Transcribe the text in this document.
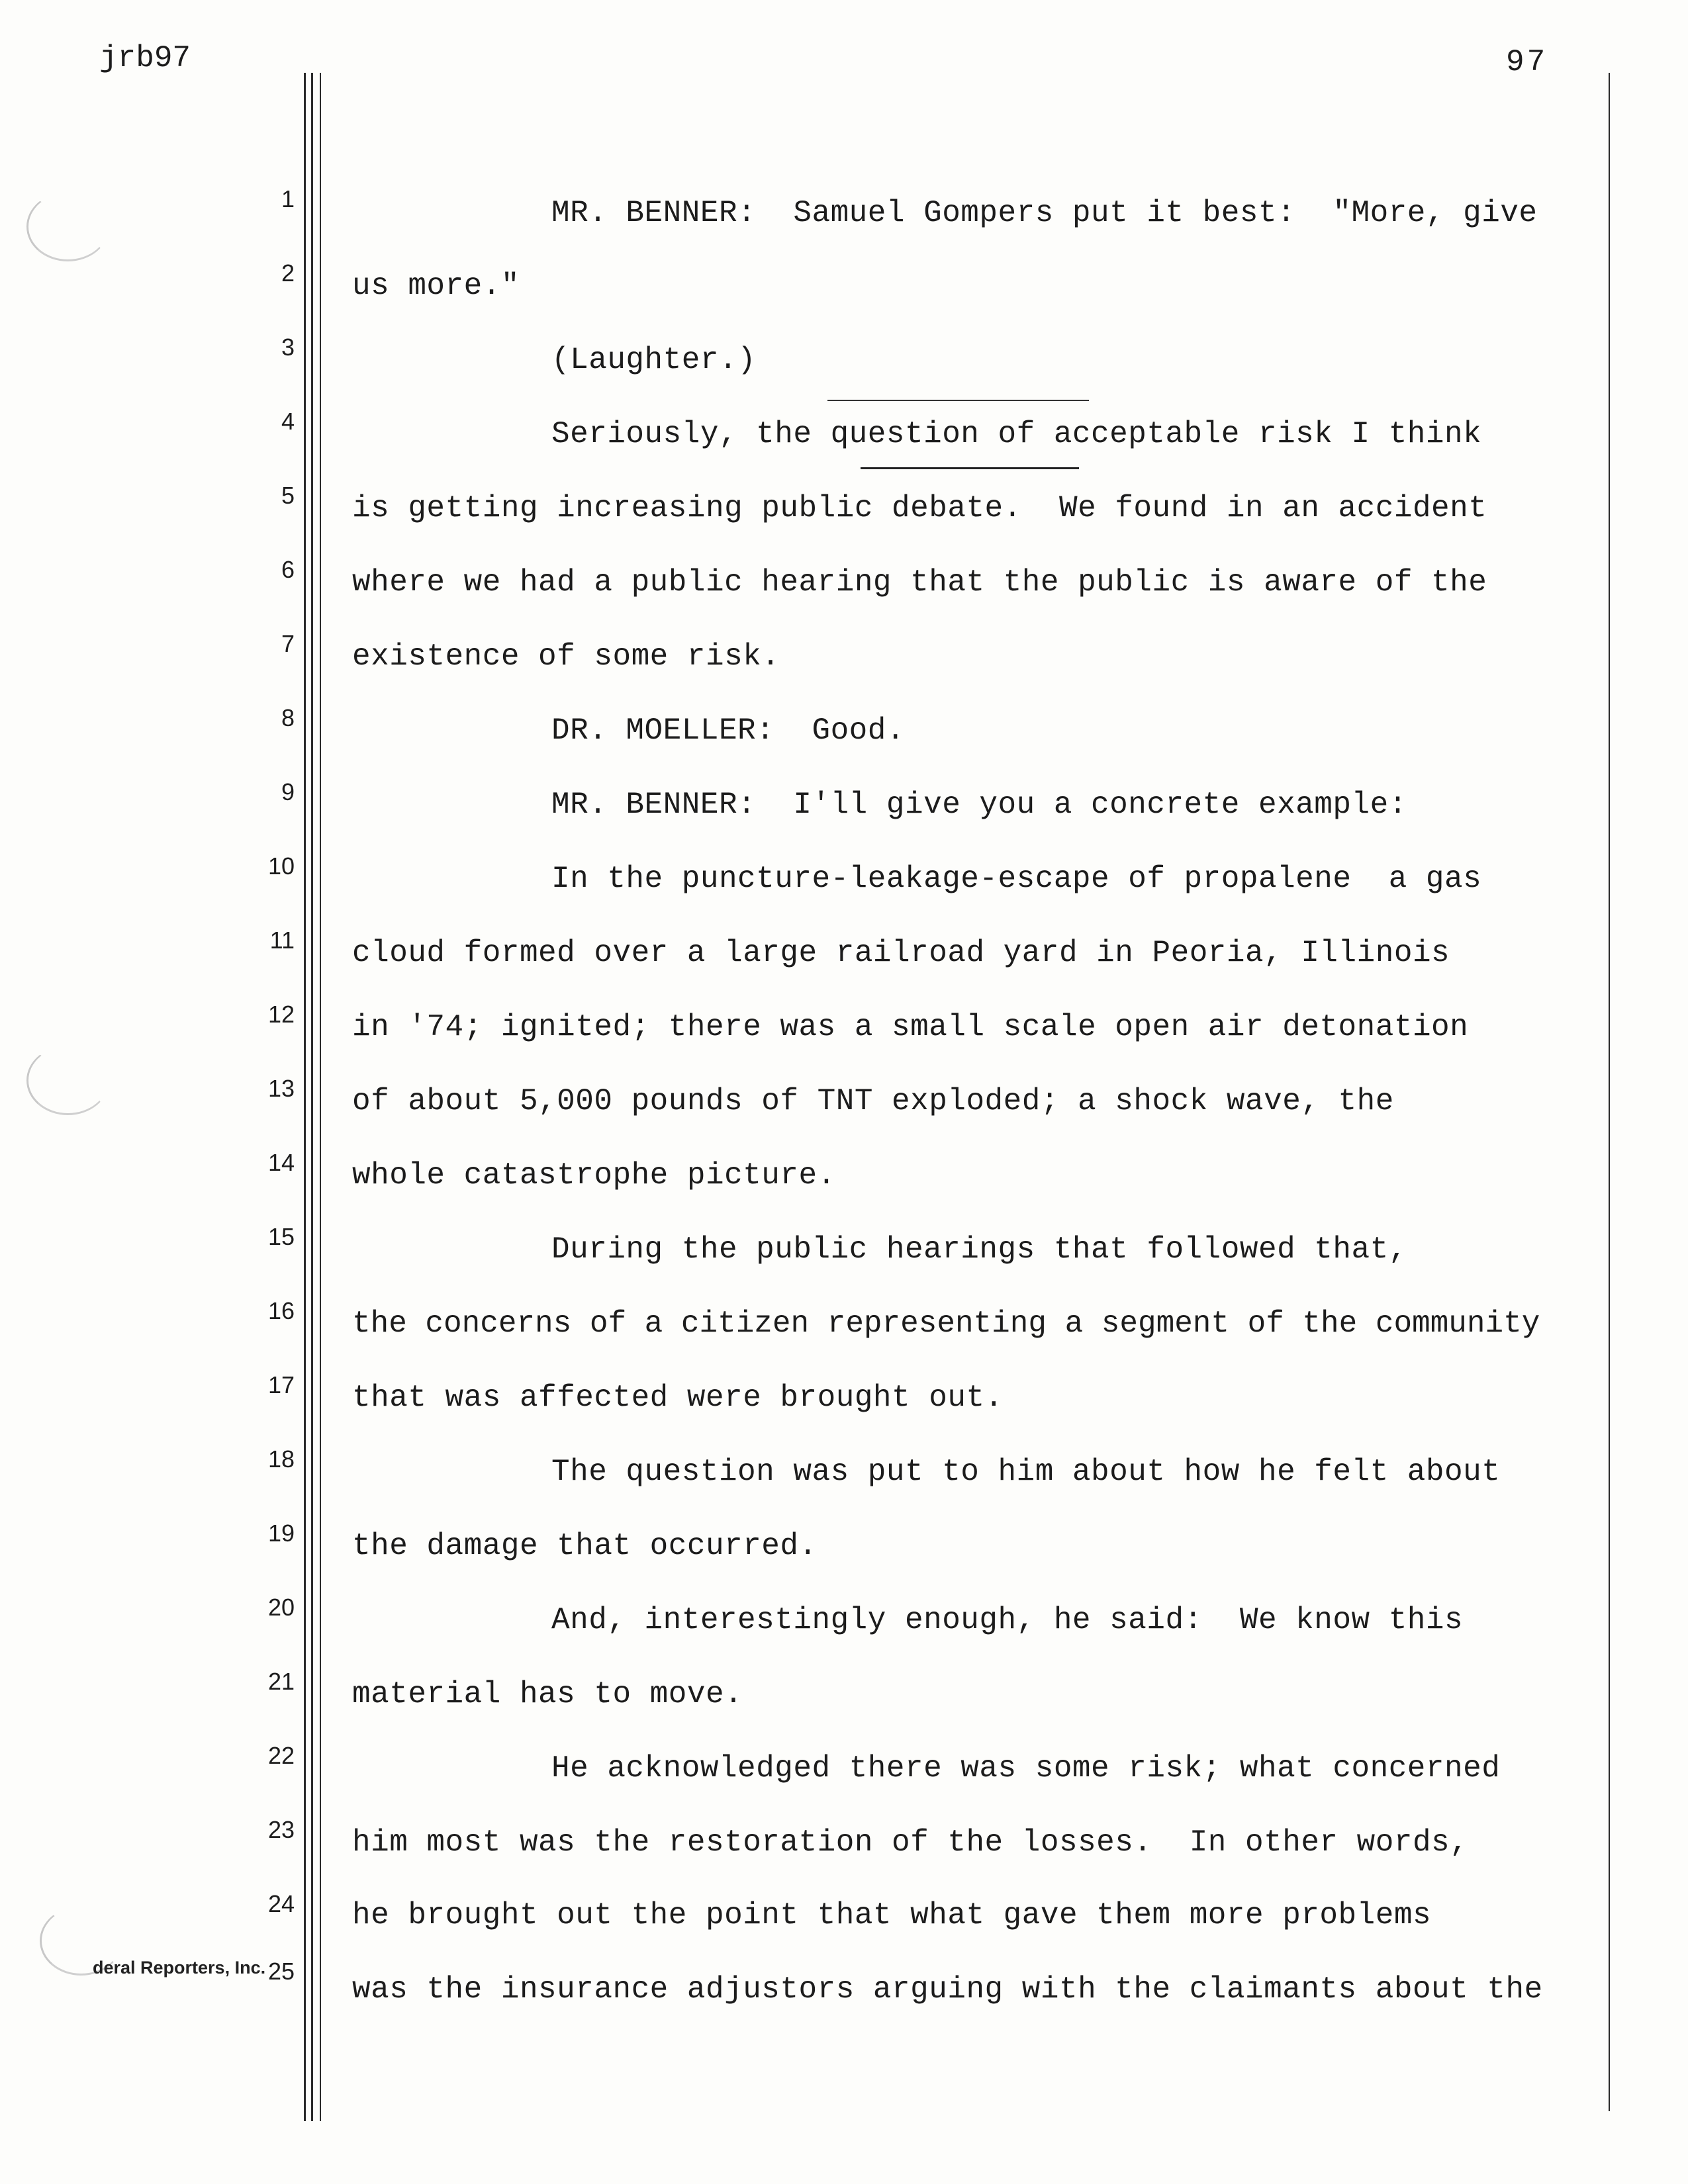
jrb97	97
1
2
3
4
5
6
7
8
9
10
11
12
13
14
15
16
17
18
19
20
21
22
23
24
25
MR. BENNER:  Samuel Gompers put it best:  "More, give
us more."
(Laughter.)
Seriously, the question of acceptable risk I think
is getting increasing public debate.  We found in an accident
where we had a public hearing that the public is aware of the
existence of some risk.
DR. MOELLER:  Good.
MR. BENNER:  I'll give you a concrete example:
In the puncture-leakage-escape of propalene  a gas
cloud formed over a large railroad yard in Peoria, Illinois
in '74; ignited; there was a small scale open air detonation
of about 5,000 pounds of TNT exploded; a shock wave, the
whole catastrophe picture.
During the public hearings that followed that,
the concerns of a citizen representing a segment of the community
that was affected were brought out.
The question was put to him about how he felt about
the damage that occurred.
And, interestingly enough, he said:  We know this
material has to move.
He acknowledged there was some risk; what concerned
him most was the restoration of the losses.  In other words,
he brought out the point that what gave them more problems
was the insurance adjustors arguing with the claimants about the
deral Reporters, Inc.
